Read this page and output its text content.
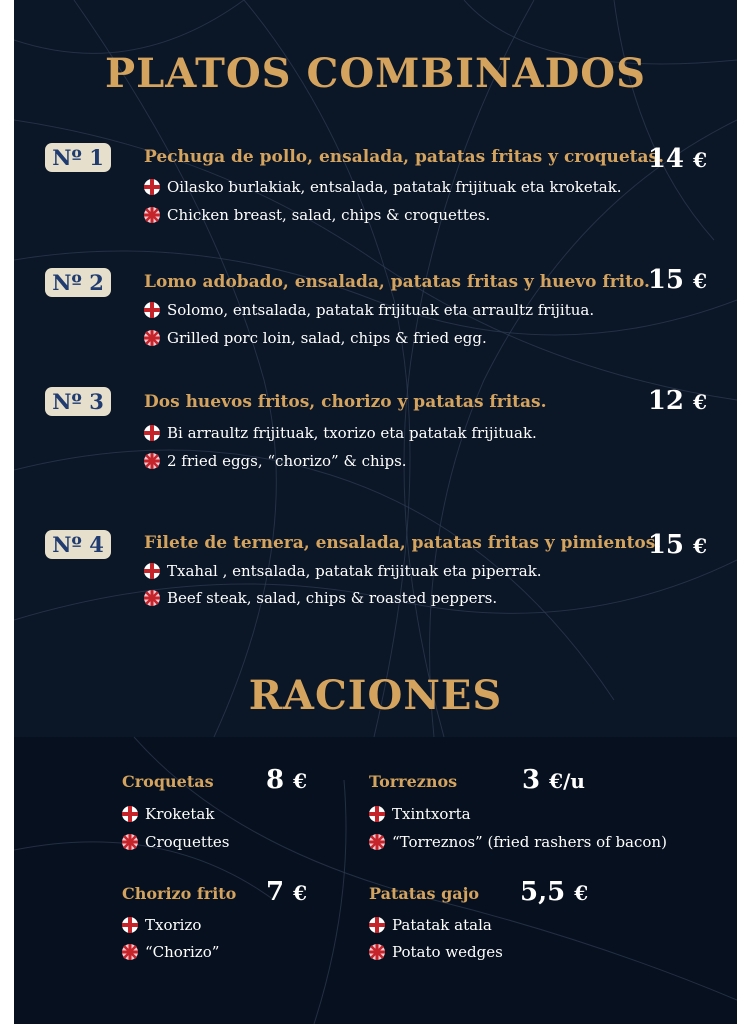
PLATOS COMBINADOS
Nº 1	Pechuga de pollo, ensalada, patatas fritas y croquetas.
14 €
Oilasko burlakiak, entsalada, patatak frijituak eta kroketak.
Chicken breast, salad, chips & croquettes.
Nº 2	Lomo adobado, ensalada, patatas fritas y huevo frito.
15 €
Solomo, entsalada, patatak frijituak eta arraultz frijitua.
Grilled porc loin, salad, chips & fried egg.
Nº 3	Dos huevos fritos, chorizo y patatas fritas.	12 €
Bi arraultz frijituak, txorizo eta patatak frijituak.
2 fried eggs, “chorizo” & chips.
Nº 4	Filete de ternera, ensalada, patatas fritas y pimientos.
15 €
Txahal , entsalada, patatak frijituak eta piperrak.
Beef steak, salad, chips & roasted peppers.
RACIONES
Croquetas 8 €
Kroketak
Croquettes
Torreznos 3 €/u
Txintxorta
“Torreznos” (fried rashers of bacon)
Chorizo frito 7 €
Txorizo
“Chorizo”
Patatas gajo 5,5 €
Patatak atala
Potato wedges
